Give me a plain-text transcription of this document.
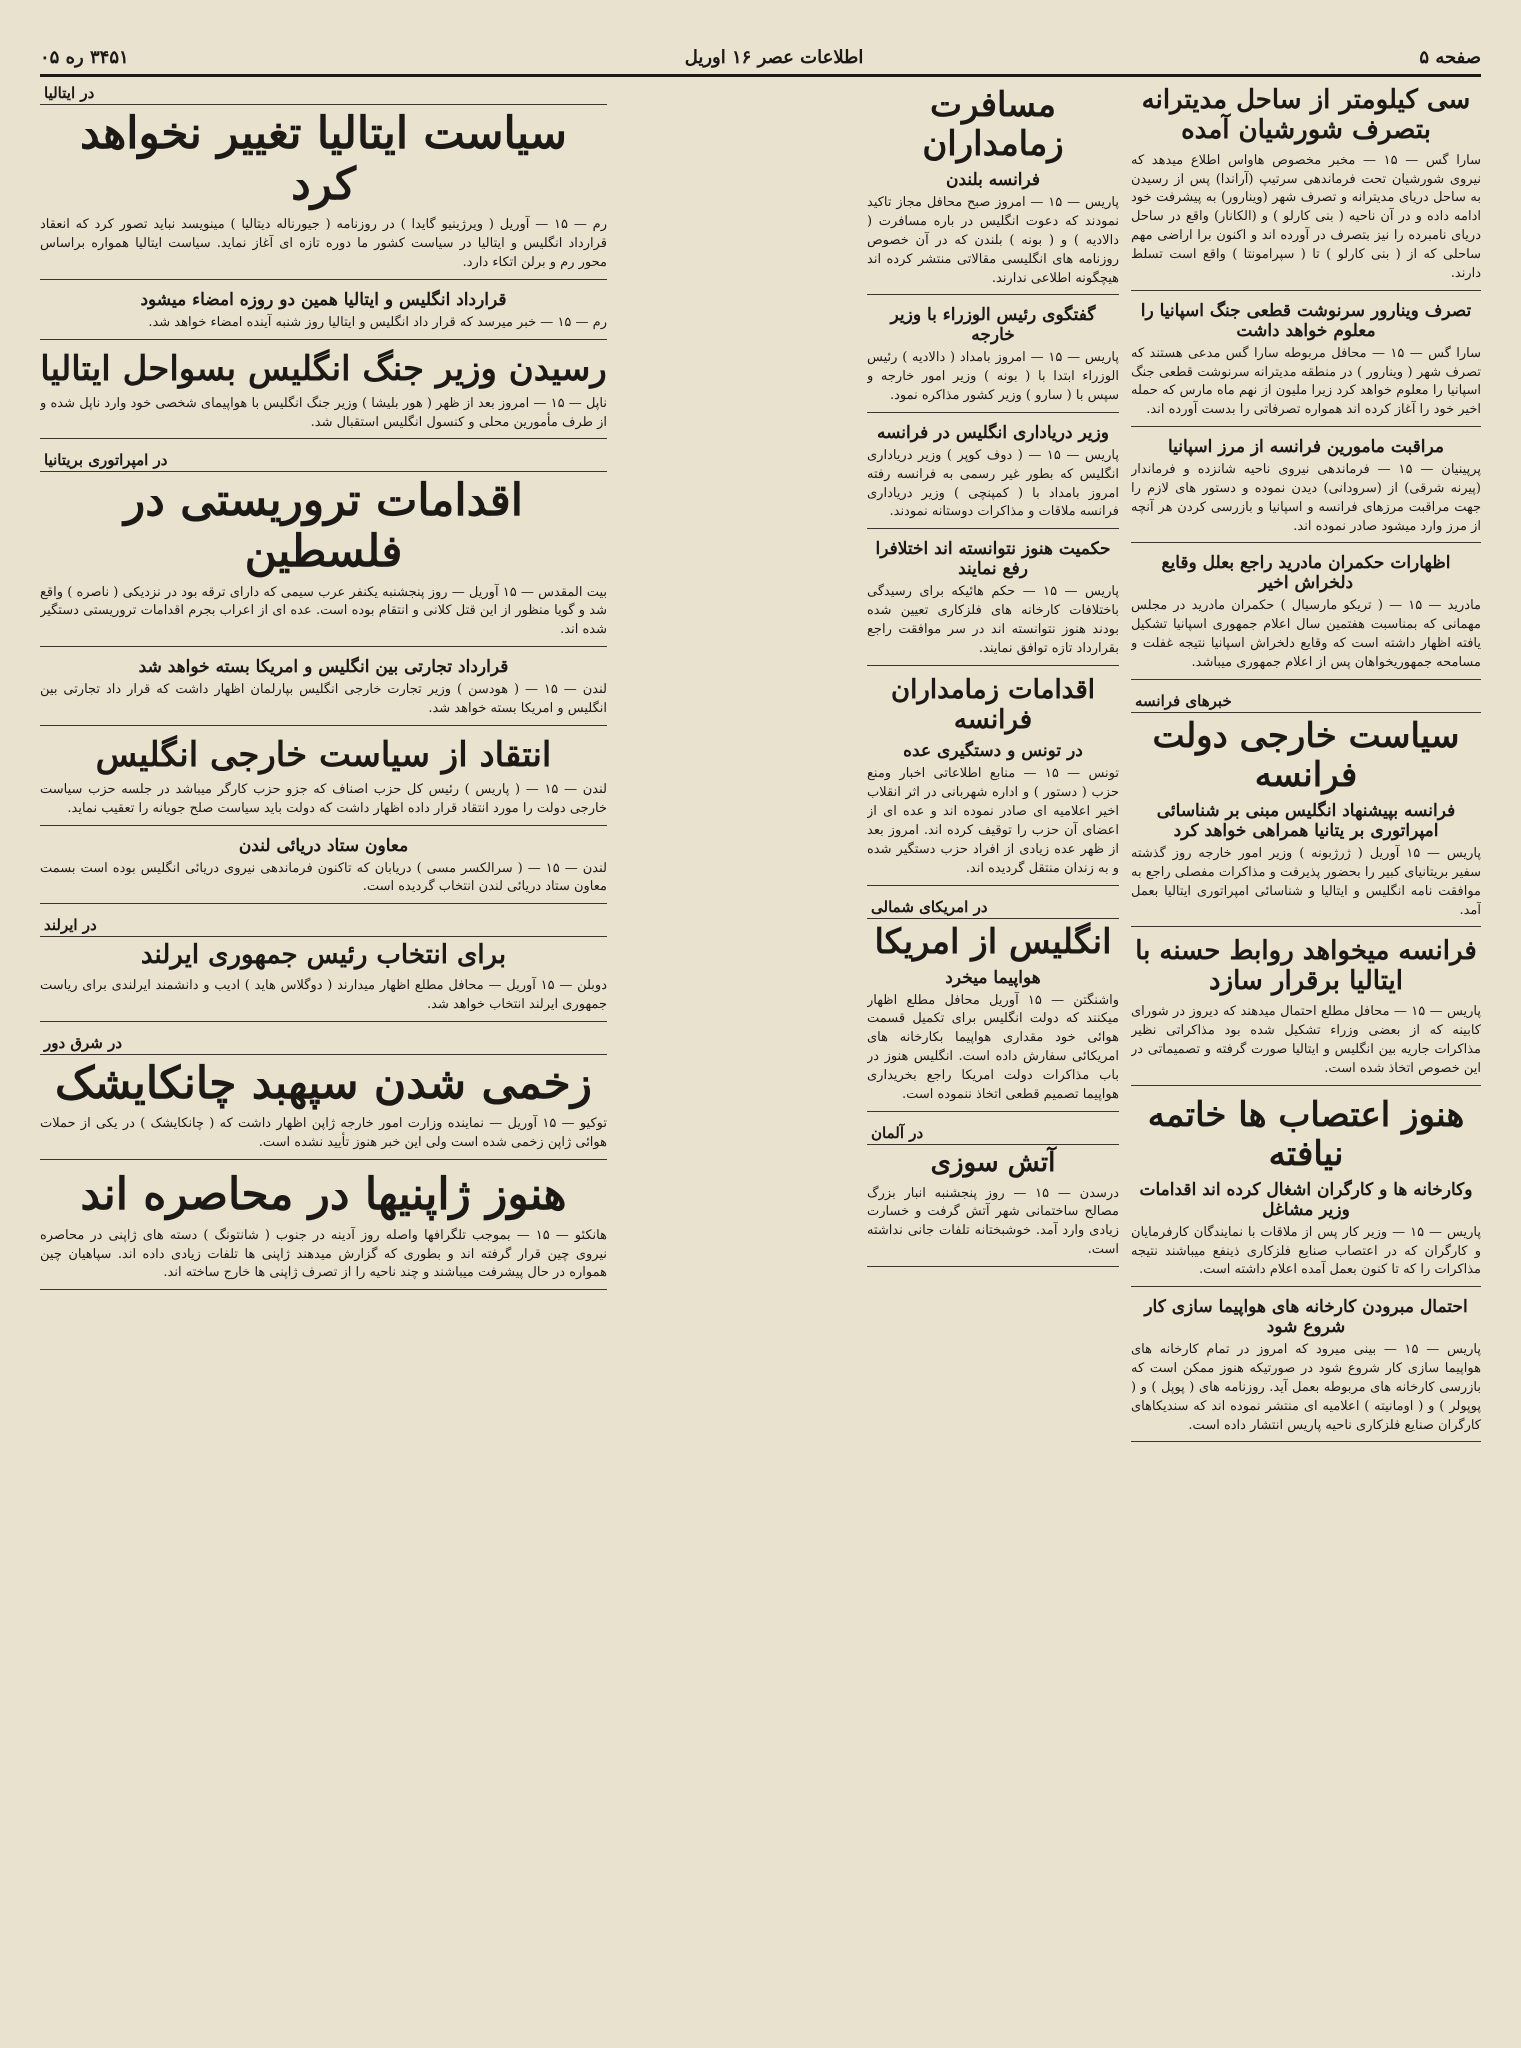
صفحه ۵
اطلاعات عصر ۱۶ اوریل
۳۴۵۱ ره ۰۵
سی کیلومتر از ساحل مدیترانه بتصرف شورشیان آمده
سارا گس — ۱۵ — مخبر مخصوص هاواس اطلاع میدهد که نیروی شورشیان تحت فرماندهی سرتیپ (آراندا) پس از رسیدن به ساحل دریای مدیترانه و تصرف شهر (وینارور) به پیشرفت خود ادامه داده و در آن ناحیه ( بنی کارلو ) و (الکانار) واقع در ساحل دریای نامبرده را نیز بتصرف در آورده اند و اکنون برا اراضی مهم ساحلی که از ( بنی کارلو ) تا ( سپرامونتا ) واقع است تسلط دارند.
تصرف وینارور سرنوشت قطعی جنگ اسپانیا را معلوم خواهد داشت
سارا گس — ۱۵ — محافل مربوطه سارا گس مدعی هستند که تصرف شهر ( وینارور ) در منطقه مدیترانه سرنوشت قطعی جنگ اسپانیا را معلوم خواهد کرد زیرا ملیون از نهم ماه مارس که حمله اخیر خود را آغاز کرده اند همواره تصرفاتی را بدست آورده اند.
مراقبت مامورین فرانسه از مرز اسپانیا
پرپینیان — ۱۵ — فرماندهی نیروی ناحیه شانزده و فرماندار (پیرنه شرقی) از (سرودانی) دیدن نموده و دستور های لازم را جهت مراقبت مرزهای فرانسه و اسپانیا و بازرسی کردن هر آنچه از مرز وارد میشود صادر نموده اند.
اظهارات حکمران مادرید راجع بعلل وقایع دلخراش اخیر
مادرید — ۱۵ — ( تریکو مارسیال ) حکمران مادرید در مجلس مهمانی که بمناسبت هفتمین سال اعلام جمهوری اسپانیا تشکیل یافته اظهار داشته است که وقایع دلخراش اسپانیا نتیجه غفلت و مسامحه جمهوریخواهان پس از اعلام جمهوری میباشد.
خبرهای فرانسه
سیاست خارجی دولت فرانسه
فرانسه بپیشنهاد انگلیس مبنی بر شناسائی امپراتوری بر یتانیا همراهی خواهد کرد
پاریس — ۱۵ آوریل ( ژرژبونه ) وزیر امور خارجه روز گذشته سفیر بریتانیای کبیر را بحضور پذیرفت و مذاکرات مفصلی راجع به موافقت نامه انگلیس و ایتالیا و شناسائی امپراتوری ایتالیا بعمل آمد.
فرانسه میخواهد روابط حسنه با ایتالیا برقرار سازد
پاریس — ۱۵ — محافل مطلع احتمال میدهند که دیروز در شورای کابینه که از بعضی وزراء تشکیل شده بود مذاکراتی نظیر مذاکرات جاریه بین انگلیس و ایتالیا صورت گرفته و تصمیماتی در این خصوص اتخاذ شده است.
هنوز اعتصاب ها خاتمه نیافته
وکارخانه ها و کارگران اشغال کرده اند اقدامات وزیر مشاغل
پاریس — ۱۵ — وزیر کار پس از ملاقات با نمایندگان کارفرمایان و کارگران که در اعتصاب صنایع فلزکاری ذینفع میباشند نتیجه مذاکرات را که تا کنون بعمل آمده اعلام داشته است.
احتمال مبرودن کارخانه های هواپیما سازی کار شروع شود
پاریس — ۱۵ — بینی میرود که امروز در تمام کارخانه های هواپیما سازی کار شروع شود در صورتیکه هنوز ممکن است که بازرسی کارخانه های مربوطه بعمل آید. روزنامه های ( پوپل ) و ( پوپولر ) و ( اومانیته ) اعلامیه ای منتشر نموده اند که سندیکاهای کارگران صنایع فلزکاری ناحیه پاریس انتشار داده است.
مسافرت زمامداران
فرانسه بلندن
پاریس — ۱۵ — امروز صبح محافل مجاز تاکید نمودند که دعوت انگلیس در باره مسافرت ( دالادیه ) و ( بونه ) بلندن که در آن خصوص روزنامه های انگلیسی مقالاتی منتشر کرده اند هیچگونه اطلاعی ندارند.
گفتگوی رئیس الوزراء با وزیر خارجه
پاریس — ۱۵ — امروز بامداد ( دالادیه ) رئیس الوزراء ابتدا با ( بونه ) وزیر امور خارجه و سپس با ( سارو ) وزیر کشور مذاکره نمود.
وزیر دریاداری انگلیس در فرانسه
پاریس — ۱۵ — ( دوف کوپر ) وزیر دریاداری انگلیس که بطور غیر رسمی به فرانسه رفته امروز بامداد با ( کمپنچی ) وزیر دریاداری فرانسه ملاقات و مذاکرات دوستانه نمودند.
حکمیت هنوز نتوانسته اند اختلافرا رفع نمایند
پاریس — ۱۵ — حکم هائیکه برای رسیدگی باختلافات کارخانه های فلزکاری تعیین شده بودند هنوز نتوانسته اند در سر موافقت راجع بقرارداد تازه توافق نمایند.
اقدامات زمامداران فرانسه
در تونس و دستگیری عده
تونس — ۱۵ — منابع اطلاعاتی اخبار ومنع حزب ( دستور ) و اداره شهربانی در اثر انقلاب اخیر اعلامیه ای صادر نموده اند و عده ای از اعضای آن حزب را توقیف کرده اند. امروز بعد از ظهر عده زیادی از افراد حزب دستگیر شده و به زندان منتقل گردیده اند.
در امریکای شمالی
انگلیس از امریکا
هواپیما میخرد
واشنگتن — ۱۵ آوریل محافل مطلع اظهار میکنند که دولت انگلیس برای تکمیل قسمت هوائی خود مقداری هواپیما بکارخانه های امریکائی سفارش داده است. انگلیس هنوز در باب مذاکرات دولت امریکا راجع بخریداری هواپیما تصمیم قطعی اتخاذ ننموده است.
در آلمان
آتش سوزی
درسدن — ۱۵ — روز پنجشنبه انبار بزرگ مصالح ساختمانی شهر آتش گرفت و خسارت زیادی وارد آمد. خوشبختانه تلفات جانی نداشته است.
در ایتالیا
سیاست ایتالیا تغییر نخواهد کرد
رم — ۱۵ — آوریل ( ویرژینیو گایدا ) در روزنامه ( جیورناله دیتالیا ) مینویسد نباید تصور کرد که انعقاد قرارداد انگلیس و ایتالیا در سیاست کشور ما دوره تازه ای آغاز نماید. سیاست ایتالیا همواره براساس محور رم و برلن اتکاء دارد.
قرارداد انگلیس و ایتالیا همین دو روزه امضاء میشود
رم — ۱۵ — خبر میرسد که قرار داد انگلیس و ایتالیا روز شنبه آینده امضاء خواهد شد.
رسیدن وزیر جنگ انگلیس بسواحل ایتالیا
ناپل — ۱۵ — امروز بعد از ظهر ( هور بلیشا ) وزیر جنگ انگلیس با هواپیمای شخصی خود وارد ناپل شده و از طرف مأمورین محلی و کنسول انگلیس استقبال شد.
در امپراتوری بریتانیا
اقدامات تروریستی در فلسطین
بیت المقدس — ۱۵ آوریل — روز پنجشنبه یکنفر عرب سیمی که دارای ترقه بود در نزدیکی ( ناصره ) واقع شد و گویا منظور از این قتل کلانی و انتقام بوده است. عده ای از اعراب بجرم اقدامات تروریستی دستگیر شده اند.
قرارداد تجارتی بین انگلیس و امریکا بسته خواهد شد
لندن — ۱۵ — ( هودسن ) وزیر تجارت خارجی انگلیس بپارلمان اظهار داشت که قرار داد تجارتی بین انگلیس و امریکا بسته خواهد شد.
انتقاد از سیاست خارجی انگلیس
لندن — ۱۵ — ( پاریس ) رئیس کل حزب اصناف که جزو حزب کارگر میباشد در جلسه حزب سیاست خارجی دولت را مورد انتقاد قرار داده اظهار داشت که دولت باید سیاست صلح جویانه را تعقیب نماید.
معاون ستاد دریائی لندن
لندن — ۱۵ — ( سرالکسر مسی ) دریابان که تاکنون فرماندهی نیروی دریائی انگلیس بوده است بسمت معاون ستاد دریائی لندن انتخاب گردیده است.
در ایرلند
برای انتخاب رئیس جمهوری ایرلند
دوبلن — ۱۵ آوریل — محافل مطلع اظهار میدارند ( دوگلاس هاید ) ادیب و دانشمند ایرلندی برای ریاست جمهوری ایرلند انتخاب خواهد شد.
در شرق دور
زخمی شدن سپهبد چانکایشک
توکیو — ۱۵ آوریل — نماینده وزارت امور خارجه ژاپن اظهار داشت که ( چانکایشک ) در یکی از حملات هوائی ژاپن زخمی شده است ولی این خبر هنوز تأیید نشده است.
هنوز ژاپنیها در محاصره اند
هانکئو — ۱۵ — بموجب تلگرافها واصله روز آدینه در جنوب ( شانتونگ ) دسته های ژاپنی در محاصره نیروی چین قرار گرفته اند و بطوری که گزارش میدهند ژاپنی ها تلفات زیادی داده اند. سپاهیان چین همواره در حال پیشرفت میباشند و چند ناحیه را از تصرف ژاپنی ها خارج ساخته اند.
